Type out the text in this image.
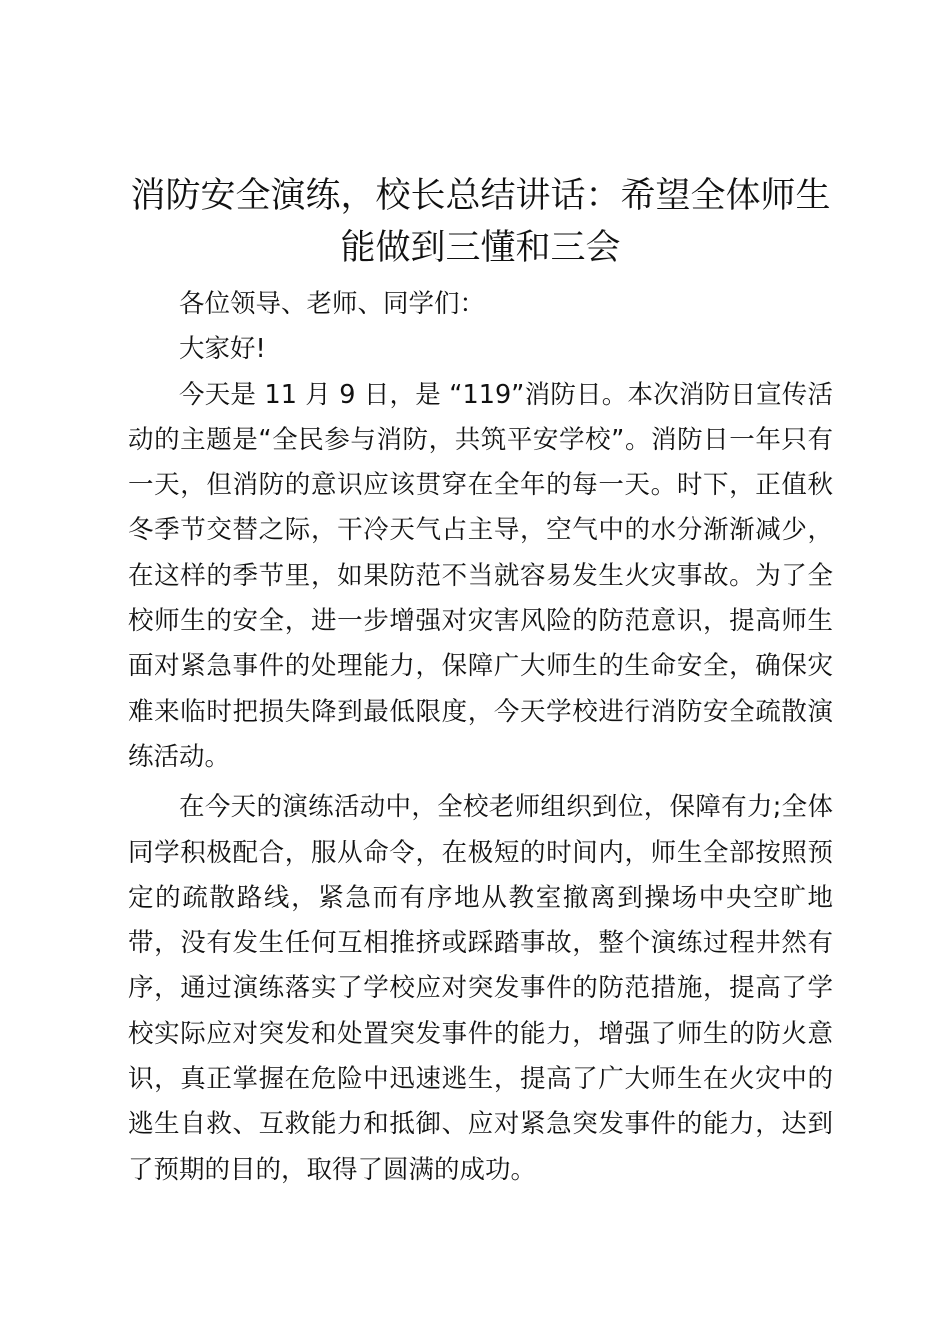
消防安全演练，校长总结讲话：希望全体师生
能做到三懂和三会

各位领导、老师、同学们：

大家好!

今天是 11 月 9 日，是 “119”消防日。本次消防日宣传活动的主题是“全民参与消防，共筑平安学校”。消防日一年只有一天，但消防的意识应该贯穿在全年的每一天。时下，正值秋冬季节交替之际，干冷天气占主导，空气中的水分渐渐减少，在这样的季节里，如果防范不当就容易发生火灾事故。为了全校师生的安全，进一步增强对灾害风险的防范意识，提高师生面对紧急事件的处理能力，保障广大师生的生命安全，确保灾难来临时把损失降到最低限度，今天学校进行消防安全疏散演练活动。

在今天的演练活动中，全校老师组织到位，保障有力;全体同学积极配合，服从命令，在极短的时间内，师生全部按照预定的疏散路线，紧急而有序地从教室撤离到操场中央空旷地带，没有发生任何互相推挤或踩踏事故，整个演练过程井然有序，通过演练落实了学校应对突发事件的防范措施，提高了学校实际应对突发和处置突发事件的能力，增强了师生的防火意识，真正掌握在危险中迅速逃生，提高了广大师生在火灾中的逃生自救、互救能力和抵御、应对紧急突发事件的能力，达到了预期的目的，取得了圆满的成功。
